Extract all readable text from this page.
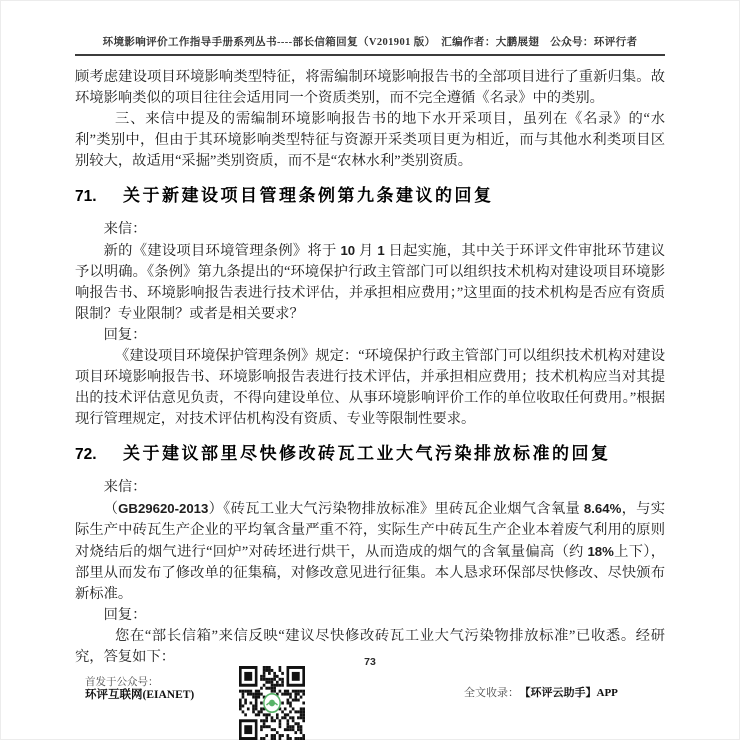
环境影响评价工作指导手册系列丛书----部长信箱回复（V201901 版）　汇编作者：大鹏展翅　公众号：环评行者

顾考虑建设项目环境影响类型特征，将需编制环境影响报告书的全部项目进行了重新归集。故环境影响类似的项目往往会适用同一个资质类别，而不完全遵循《名录》中的类别。

三、来信中提及的需编制环境影响报告书的地下水开采项目，虽列在《名录》的“水利”类别中，但由于其环境影响类型特征与资源开采类项目更为相近，而与其他水利类项目区别较大，故适用“采掘”类别资质，而不是“农林水利”类别资质。

71.	关于新建设项目管理条例第九条建议的回复

来信：

新的《建设项目环境管理条例》将于 10 月 1 日起实施，其中关于环评文件审批环节建议予以明确。《条例》第九条提出的“环境保护行政主管部门可以组织技术机构对建设项目环境影响报告书、环境影响报告表进行技术评估，并承担相应费用；”这里面的技术机构是否应有资质限制？专业限制？或者是相关要求？

回复：

《建设项目环境保护管理条例》规定：“环境保护行政主管部门可以组织技术机构对建设项目环境影响报告书、环境影响报告表进行技术评估，并承担相应费用；技术机构应当对其提出的技术评估意见负责，不得向建设单位、从事环境影响评价工作的单位收取任何费用。”根据现行管理规定，对技术评估机构没有资质、专业等限制性要求。

72.	关于建议部里尽快修改砖瓦工业大气污染排放标准的回复

来信：

（GB29620-2013）《砖瓦工业大气污染物排放标准》里砖瓦企业烟气含氧量 8.64%，与实际生产中砖瓦生产企业的平均氧含量严重不符，实际生产中砖瓦生产企业本着废气利用的原则对烧结后的烟气进行“回炉”对砖坯进行烘干，从而造成的烟气的含氧量偏高（约 18%上下），部里从而发布了修改单的征集稿，对修改意见进行征集。本人恳求环保部尽快修改、尽快颁布新标准。

回复：

您在“部长信箱”来信反映“建议尽快修改砖瓦工业大气污染物排放标准”已收悉。经研究，答复如下：	73
首发于公众号：
环评互联网(EIANET)	全文收录： 【环评云助手】APP
